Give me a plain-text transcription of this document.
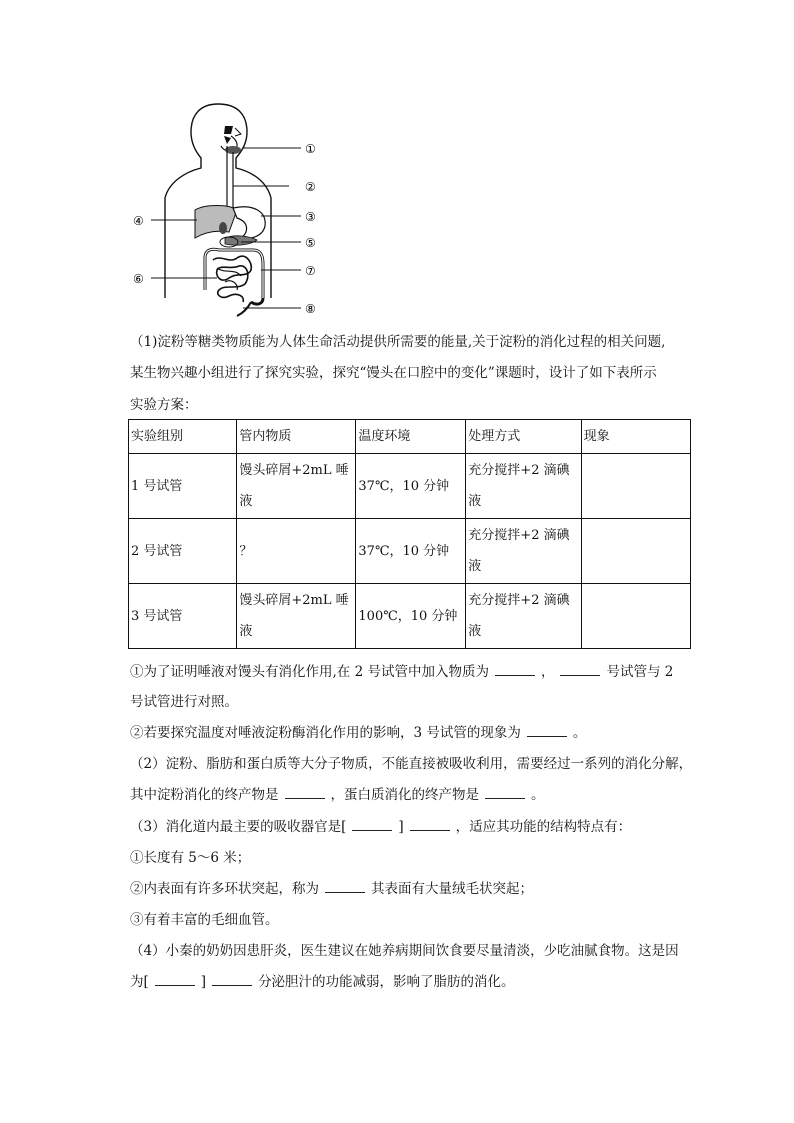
①
②
③
④
⑤
⑥
⑦
⑧
（1)淀粉等糖类物质能为人体生命活动提供所需要的能量,关于淀粉的消化过程的相关问题,
某生物兴趣小组进行了探究实验，探究“馒头在口腔中的变化”课题时，设计了如下表所示
实验方案：
实验组别	管内物质	温度环境	处理方式	现象
1 号试管	馒头碎屑+2mL 唾液	37℃，10 分钟	充分搅拌+2 滴碘液	
2 号试管	？	37℃，10 分钟	充分搅拌+2 滴碘液	
3 号试管	馒头碎屑+2mL 唾液	100℃，10 分钟	充分搅拌+2 滴碘液	
①为了证明唾液对馒头有消化作用,在 2 号试管中加入物质为	，	号试管与 2
号试管进行对照。
②若要探究温度对唾液淀粉酶消化作用的影响，3 号试管的现象为	。
（2）淀粉、脂肪和蛋白质等大分子物质，不能直接被吸收利用，需要经过一系列的消化分解，
其中淀粉消化的终产物是	，蛋白质消化的终产物是	。
（3）消化道内最主要的吸收器官是[	]	，适应其功能的结构特点有：
①长度有 5～6 米；
②内表面有许多环状突起，称为	其表面有大量绒毛状突起；
③有着丰富的毛细血管。
（4）小秦的奶奶因患肝炎，医生建议在她养病期间饮食要尽量清淡，少吃油腻食物。这是因
为[	]	分泌胆汁的功能减弱，影响了脂肪的消化。
